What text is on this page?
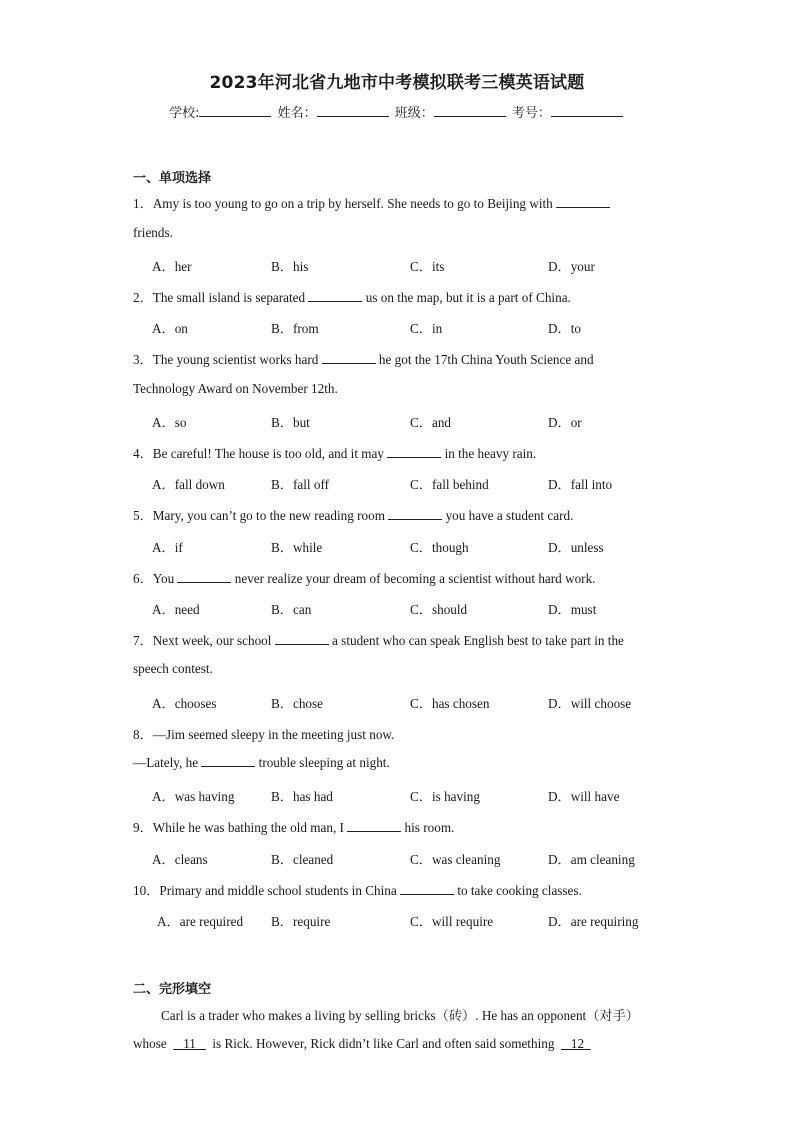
2023年河北省九地市中考模拟联考三模英语试题
学校:	姓名：	班级：	考号：
一、单项选择
1．Amy is too young to go on a trip by herself. She needs to go to Beijing with
friends.
A．her	B．his	C．its	D．your
2．The small island is separated	us on the map, but it is a part of China.
A．on	B．from	C．in	D．to
3．The young scientist works hard	he got the 17th China Youth Science and
Technology Award on November 12th.
A．so	B．but	C．and	D．or
4．Be careful! The house is too old, and it may	in the heavy rain.
A．fall down	B．fall off	C．fall behind	D．fall into
5．Mary, you can’t go to the new reading room	you have a student card.
A．if	B．while	C．though	D．unless
6．You	never realize your dream of becoming a scientist without hard work.
A．need	B．can	C．should	D．must
7．Next week, our school	a student who can speak English best to take part in the
speech contest.
A．chooses	B．chose	C．has chosen	D．will choose
8．—Jim seemed sleepy in the meeting just now.
—Lately, he	trouble sleeping at night.
A．was having	B．has had	C．is having	D．will have
9．While he was bathing the old man, I	his room.
A．cleans	B．cleaned	C．was cleaning	D．am cleaning
10．Primary and middle school students in China	to take cooking classes.
A．are required B．require	C．will require	D．are requiring
二、完形填空
Carl is a trader who makes a living by selling bricks（砖）. He has an opponent（对手）
whose 11 is Rick. However, Rick didn’t like Carl and often said something 12
